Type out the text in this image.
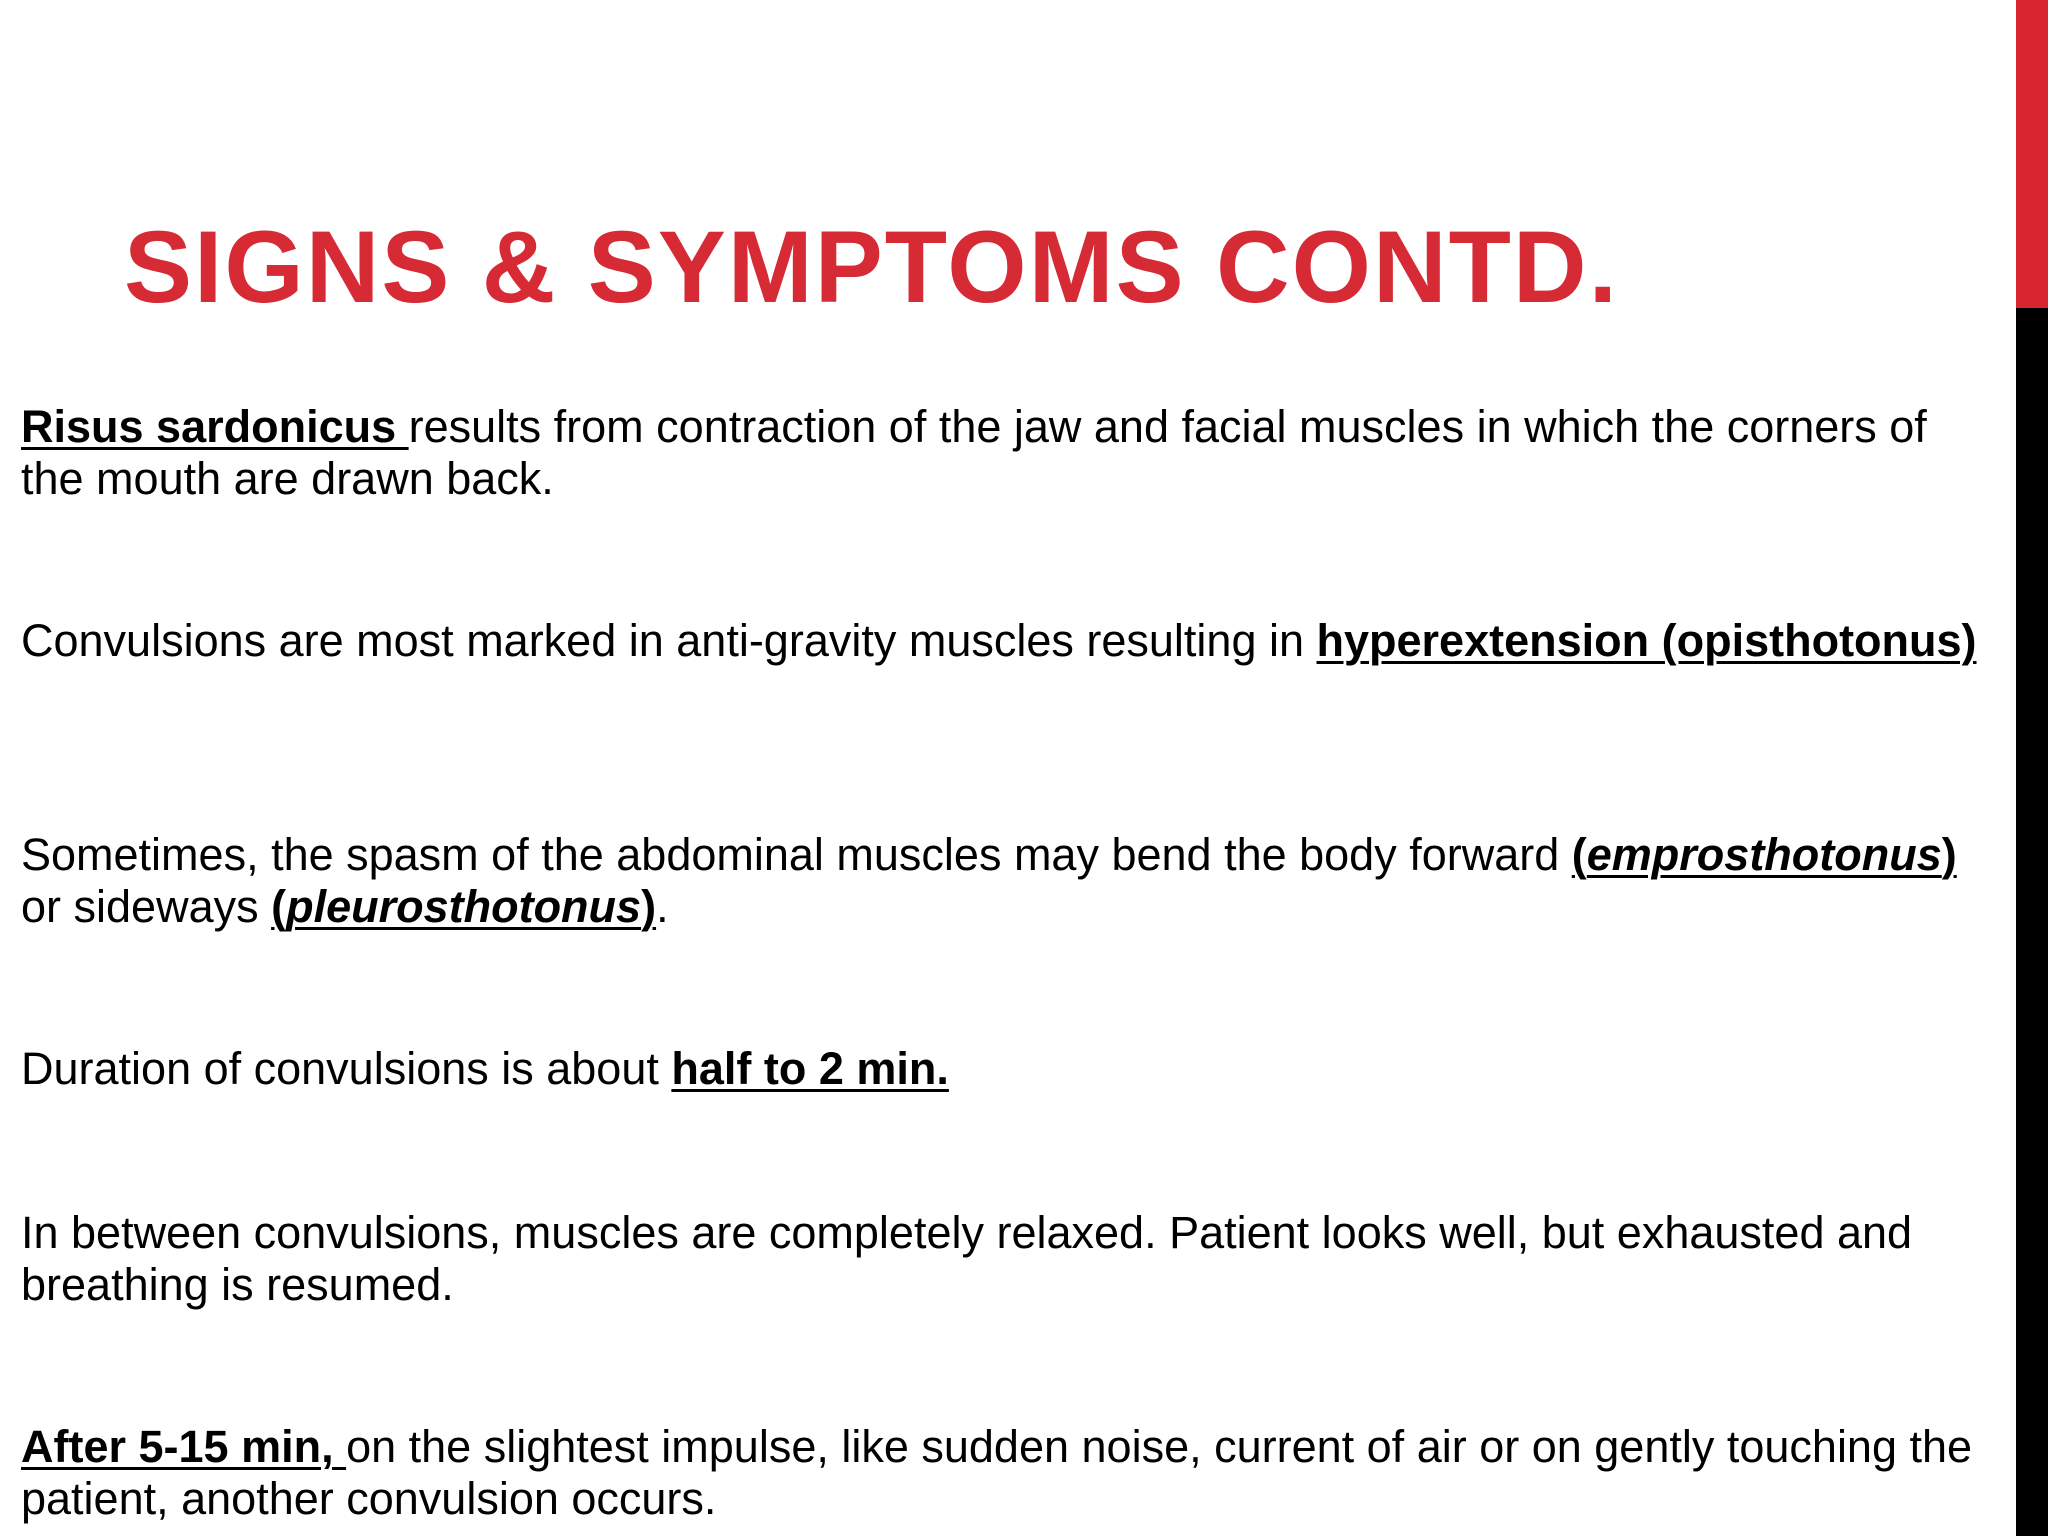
SIGNS & SYMPTOMS CONTD.

Risus sardonicus results from contraction of the jaw and facial muscles in which the corners of the mouth are drawn back.

Convulsions are most marked in anti-gravity muscles resulting in hyperextension (opisthotonus)

Sometimes, the spasm of the abdominal muscles may bend the body forward (emprosthotonus) or sideways (pleurosthotonus).

Duration of convulsions is about half to 2 min.

In between convulsions, muscles are completely relaxed. Patient looks well, but exhausted and breathing is resumed.

After 5-15 min, on the slightest impulse, like sudden noise, current of air or on gently touching the patient, another convulsion occurs.
